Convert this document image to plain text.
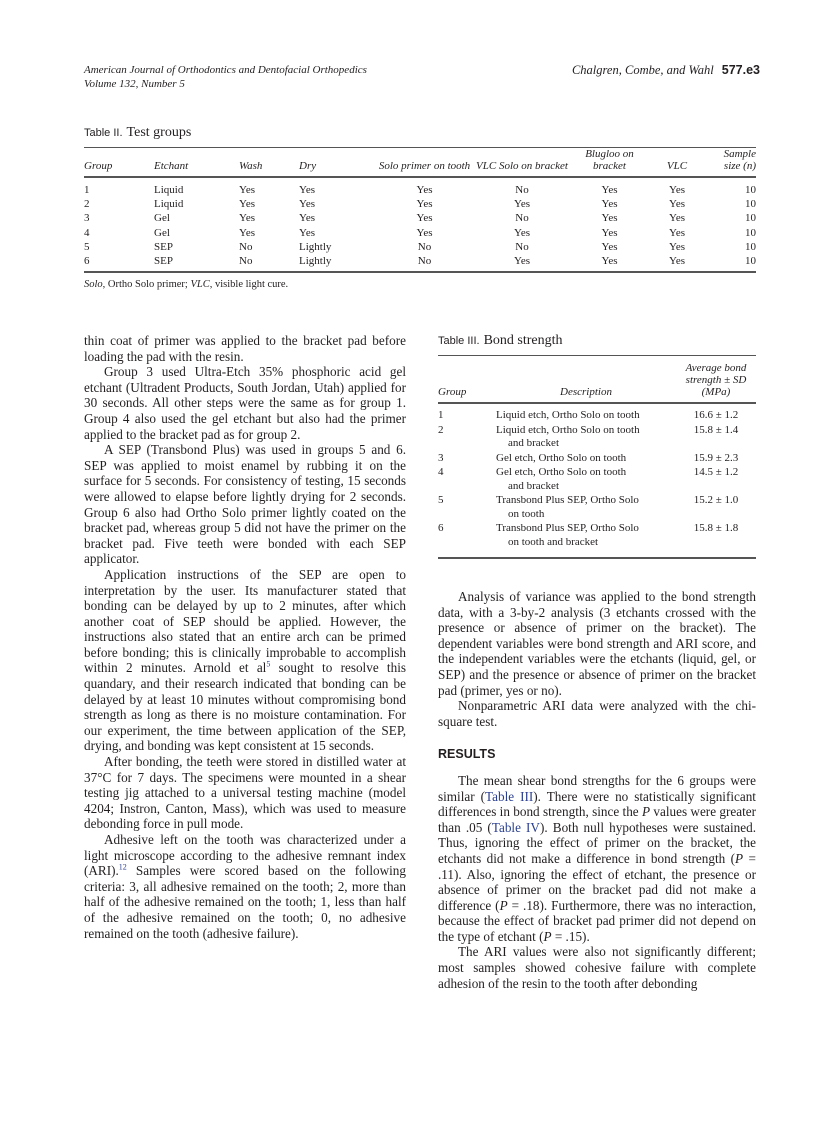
American Journal of Orthodontics and Dentofacial Orthopedics
Volume 132, Number 5
Chalgren, Combe, and Wahl 577.e3
Table II. Test groups
Group	Etchant	Wash	Dry	Solo primer on tooth	VLC Solo on bracket	Blugloo on bracket	VLC	Sample size (n)
1	Liquid	Yes	Yes	Yes	No	Yes	Yes	10
2	Liquid	Yes	Yes	Yes	Yes	Yes	Yes	10
3	Gel	Yes	Yes	Yes	No	Yes	Yes	10
4	Gel	Yes	Yes	Yes	Yes	Yes	Yes	10
5	SEP	No	Lightly	No	No	Yes	Yes	10
6	SEP	No	Lightly	No	Yes	Yes	Yes	10
Solo, Ortho Solo primer; VLC, visible light cure.

thin coat of primer was applied to the bracket pad before loading the pad with the resin.

Group 3 used Ultra-Etch 35% phosphoric acid gel etchant (Ultradent Products, South Jordan, Utah) applied for 30 seconds. All other steps were the same as for group 1. Group 4 also used the gel etchant but also had the primer applied to the bracket pad as for group 2.

A SEP (Transbond Plus) was used in groups 5 and 6. SEP was applied to moist enamel by rubbing it on the surface for 5 seconds. For consistency of testing, 15 seconds were allowed to elapse before lightly drying for 2 seconds. Group 6 also had Ortho Solo primer lightly coated on the bracket pad, whereas group 5 did not have the primer on the bracket pad. Five teeth were bonded with each SEP applicator.

Application instructions of the SEP are open to interpretation by the user. Its manufacturer stated that bonding can be delayed by up to 2 minutes, after which another coat of SEP should be applied. However, the instructions also stated that an entire arch can be primed before bonding; this is clinically improbable to accomplish within 2 minutes. Arnold et $al^5$ sought to resolve this quandary, and their research indicated that bonding can be delayed by at least 10 minutes without compromising bond strength as long as there is no moisture contamination. For our experiment, the time between application of the SEP, drying, and bonding was kept consistent at 15 seconds.

After bonding, the teeth were stored in distilled water at 37°C for 7 days. The specimens were mounted in a shear testing jig attached to a universal testing machine (model 4204; Instron, Canton, Mass), which was used to measure debonding force in pull mode.

Adhesive left on the tooth was characterized under a light microscope according to the adhesive remnant index (ARI).$^{12}$ Samples were scored based on the following criteria: 3, all adhesive remained on the tooth; 2, more than half of the adhesive remained on the tooth; 1, less than half of the adhesive remained on the tooth; 0, no adhesive remained on the tooth (adhesive failure).

Table III. Bond strength
Group	Description	Average bond strength ± SD (MPa)
1	Liquid etch, Ortho Solo on tooth	16.6 ± 1.2
2	Liquid etch, Ortho Solo on tooth
and bracket	15.8 ± 1.4
3	Gel etch, Ortho Solo on tooth	15.9 ± 2.3
4	Gel etch, Ortho Solo on tooth
and bracket	14.5 ± 1.2
5	Transbond Plus SEP, Ortho Solo
on tooth	15.2 ± 1.0
6	Transbond Plus SEP, Ortho Solo
on tooth and bracket	15.8 ± 1.8

Analysis of variance was applied to the bond strength data, with a 3-by-2 analysis (3 etchants crossed with the presence or absence of primer on the bracket). The dependent variables were bond strength and ARI score, and the independent variables were the etchants (liquid, gel, or SEP) and the presence or absence of primer on the bracket pad (primer, yes or no).

Nonparametric ARI data were analyzed with the chi-square test.

RESULTS

The mean shear bond strengths for the 6 groups were similar (Table III). There were no statistically significant differences in bond strength, since the P values were greater than .05 (Table IV). Both null hypotheses were sustained. Thus, ignoring the effect of primer on the bracket, the etchants did not make a difference in bond strength (P = .11). Also, ignoring the effect of etchant, the presence or absence of primer on the bracket pad did not make a difference (P = .18). Furthermore, there was no interaction, because the effect of bracket pad primer did not depend on the type of etchant (P = .15).

The ARI values were also not significantly different; most samples showed cohesive failure with complete adhesion of the resin to the tooth after debonding
